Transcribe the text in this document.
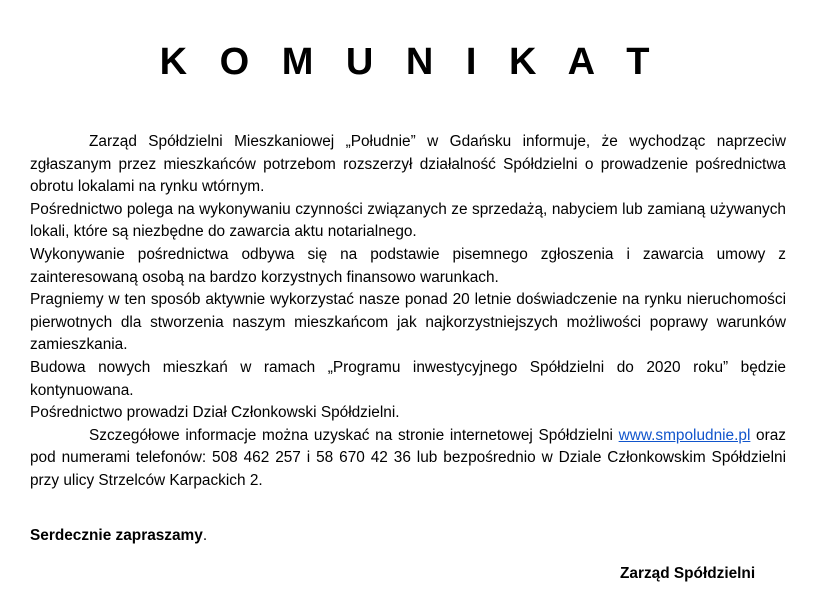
K O M U N I K A T

Zarząd Spółdzielni Mieszkaniowej „Południe” w Gdańsku informuje, że wychodząc naprzeciw zgłaszanym przez mieszkańców potrzebom rozszerzył działalność Spółdzielni o prowadzenie pośrednictwa obrotu lokalami na rynku wtórnym.

Pośrednictwo polega na wykonywaniu czynności związanych ze sprzedażą, nabyciem lub zamianą używanych lokali, które są niezbędne do zawarcia aktu notarialnego.

Wykonywanie pośrednictwa odbywa się na podstawie pisemnego zgłoszenia i zawarcia umowy z zainteresowaną osobą na bardzo korzystnych finansowo warunkach.

Pragniemy w ten sposób aktywnie wykorzystać nasze ponad 20 letnie doświadczenie na rynku nieruchomości pierwotnych dla stworzenia naszym mieszkańcom jak najkorzystniejszych możliwości poprawy warunków zamieszkania.

Budowa nowych mieszkań w ramach „Programu inwestycyjnego Spółdzielni do 2020 roku” będzie kontynuowana.

Pośrednictwo prowadzi Dział Członkowski Spółdzielni.

Szczegółowe informacje można uzyskać na stronie internetowej Spółdzielni www.smpoludnie.pl oraz pod numerami telefonów: 508 462 257 i 58 670 42 36 lub bezpośrednio w Dziale Członkowskim Spółdzielni przy ulicy Strzelców Karpackich 2.

Serdecznie zapraszamy.
Zarząd Spółdzielni
